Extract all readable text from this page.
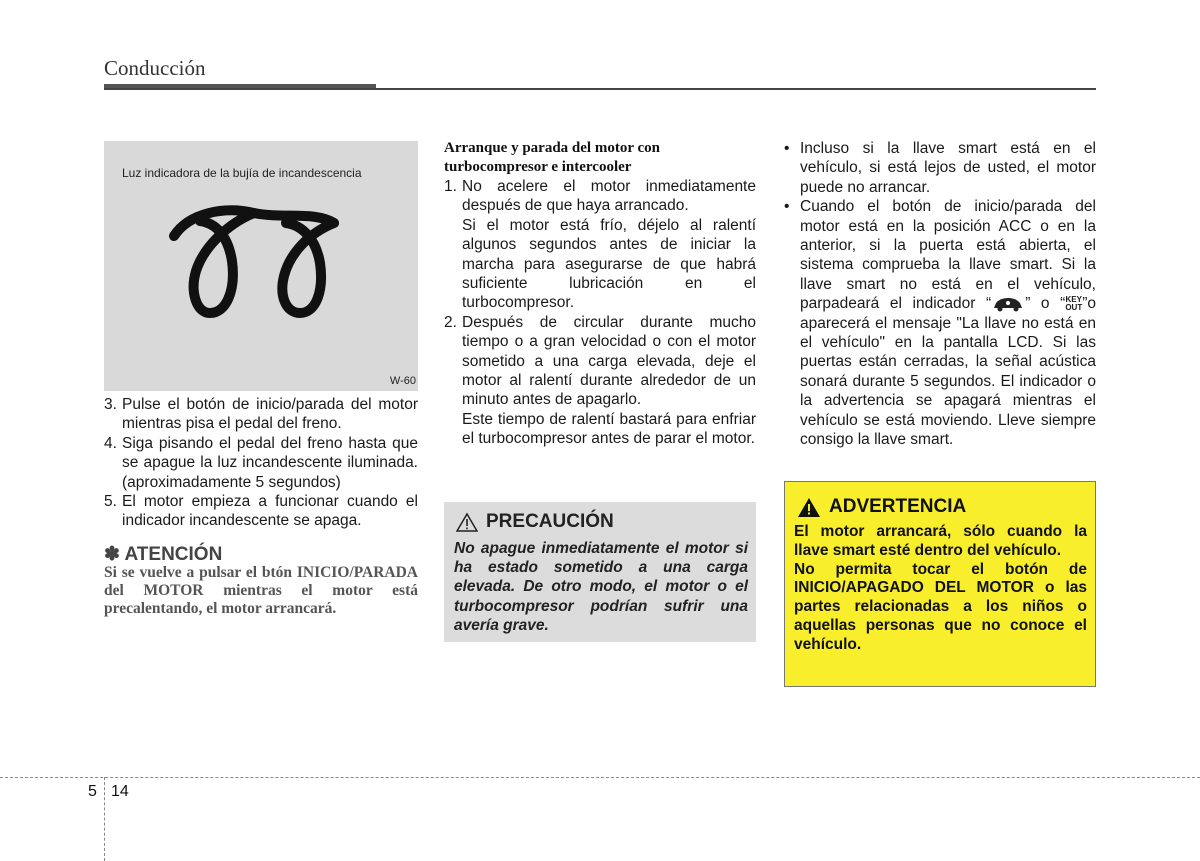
Conducción
Luz indicadora de la bujía de incandescencia
W-60
3. Pulse el botón de inicio/parada del motor mientras pisa el pedal del freno.
4. Siga pisando el pedal del freno hasta que se apague la luz incandescente iluminada. (aproximadamente 5 segundos)
5. El motor empieza a funcionar cuando el indicador incandescente se apaga.
✽ ATENCIÓN
Si se vuelve a pulsar el btón INICIO/PARADA del MOTOR mientras el motor está precalentando, el motor arrancará.
Arranque y parada del motor con turbocompresor e intercooler
1. No acelere el motor inmediatamente después de que haya arrancado.

Si el motor está frío, déjelo al ralentí algunos segundos antes de iniciar la marcha para asegurarse de que habrá suficiente lubricación en el turbocompresor.

2. Después de circular durante mucho tiempo o a gran velocidad o con el motor sometido a una carga elevada, deje el motor al ralentí durante alrededor de un minuto antes de apagarlo.

Este tiempo de ralentí bastará para enfriar el turbocompresor antes de parar el motor.

PRECAUCIÓN
No apague inmediatamente el motor si ha estado sometido a una carga elevada. De otro modo, el motor o el turbocompresor podrían sufrir una avería grave.
• Incluso si la llave smart está en el vehículo, si está lejos de usted, el motor puede no arrancar.
• Cuando el botón de inicio/parada del motor está en la posición ACC o en la anterior, si la puerta está abierta, el sistema comprueba la llave smart. Si la llave smart no está en el vehículo, parpadeará el indicador “ ” o “KEY
OUT”o aparecerá el mensaje "La llave no está en el vehículo" en la pantalla LCD. Si las puertas están cerradas, la señal acústica sonará durante 5 segundos. El indicador o la advertencia se apagará mientras el vehículo se está moviendo. Lleve siempre consigo la llave smart.
ADVERTENCIA

El motor arrancará, sólo cuando la llave smart esté dentro del vehículo.

No permita tocar el botón de INICIO/APAGADO DEL MOTOR o las partes relacionadas a los niños o aquellas personas que no conoce el vehículo.

5 14
